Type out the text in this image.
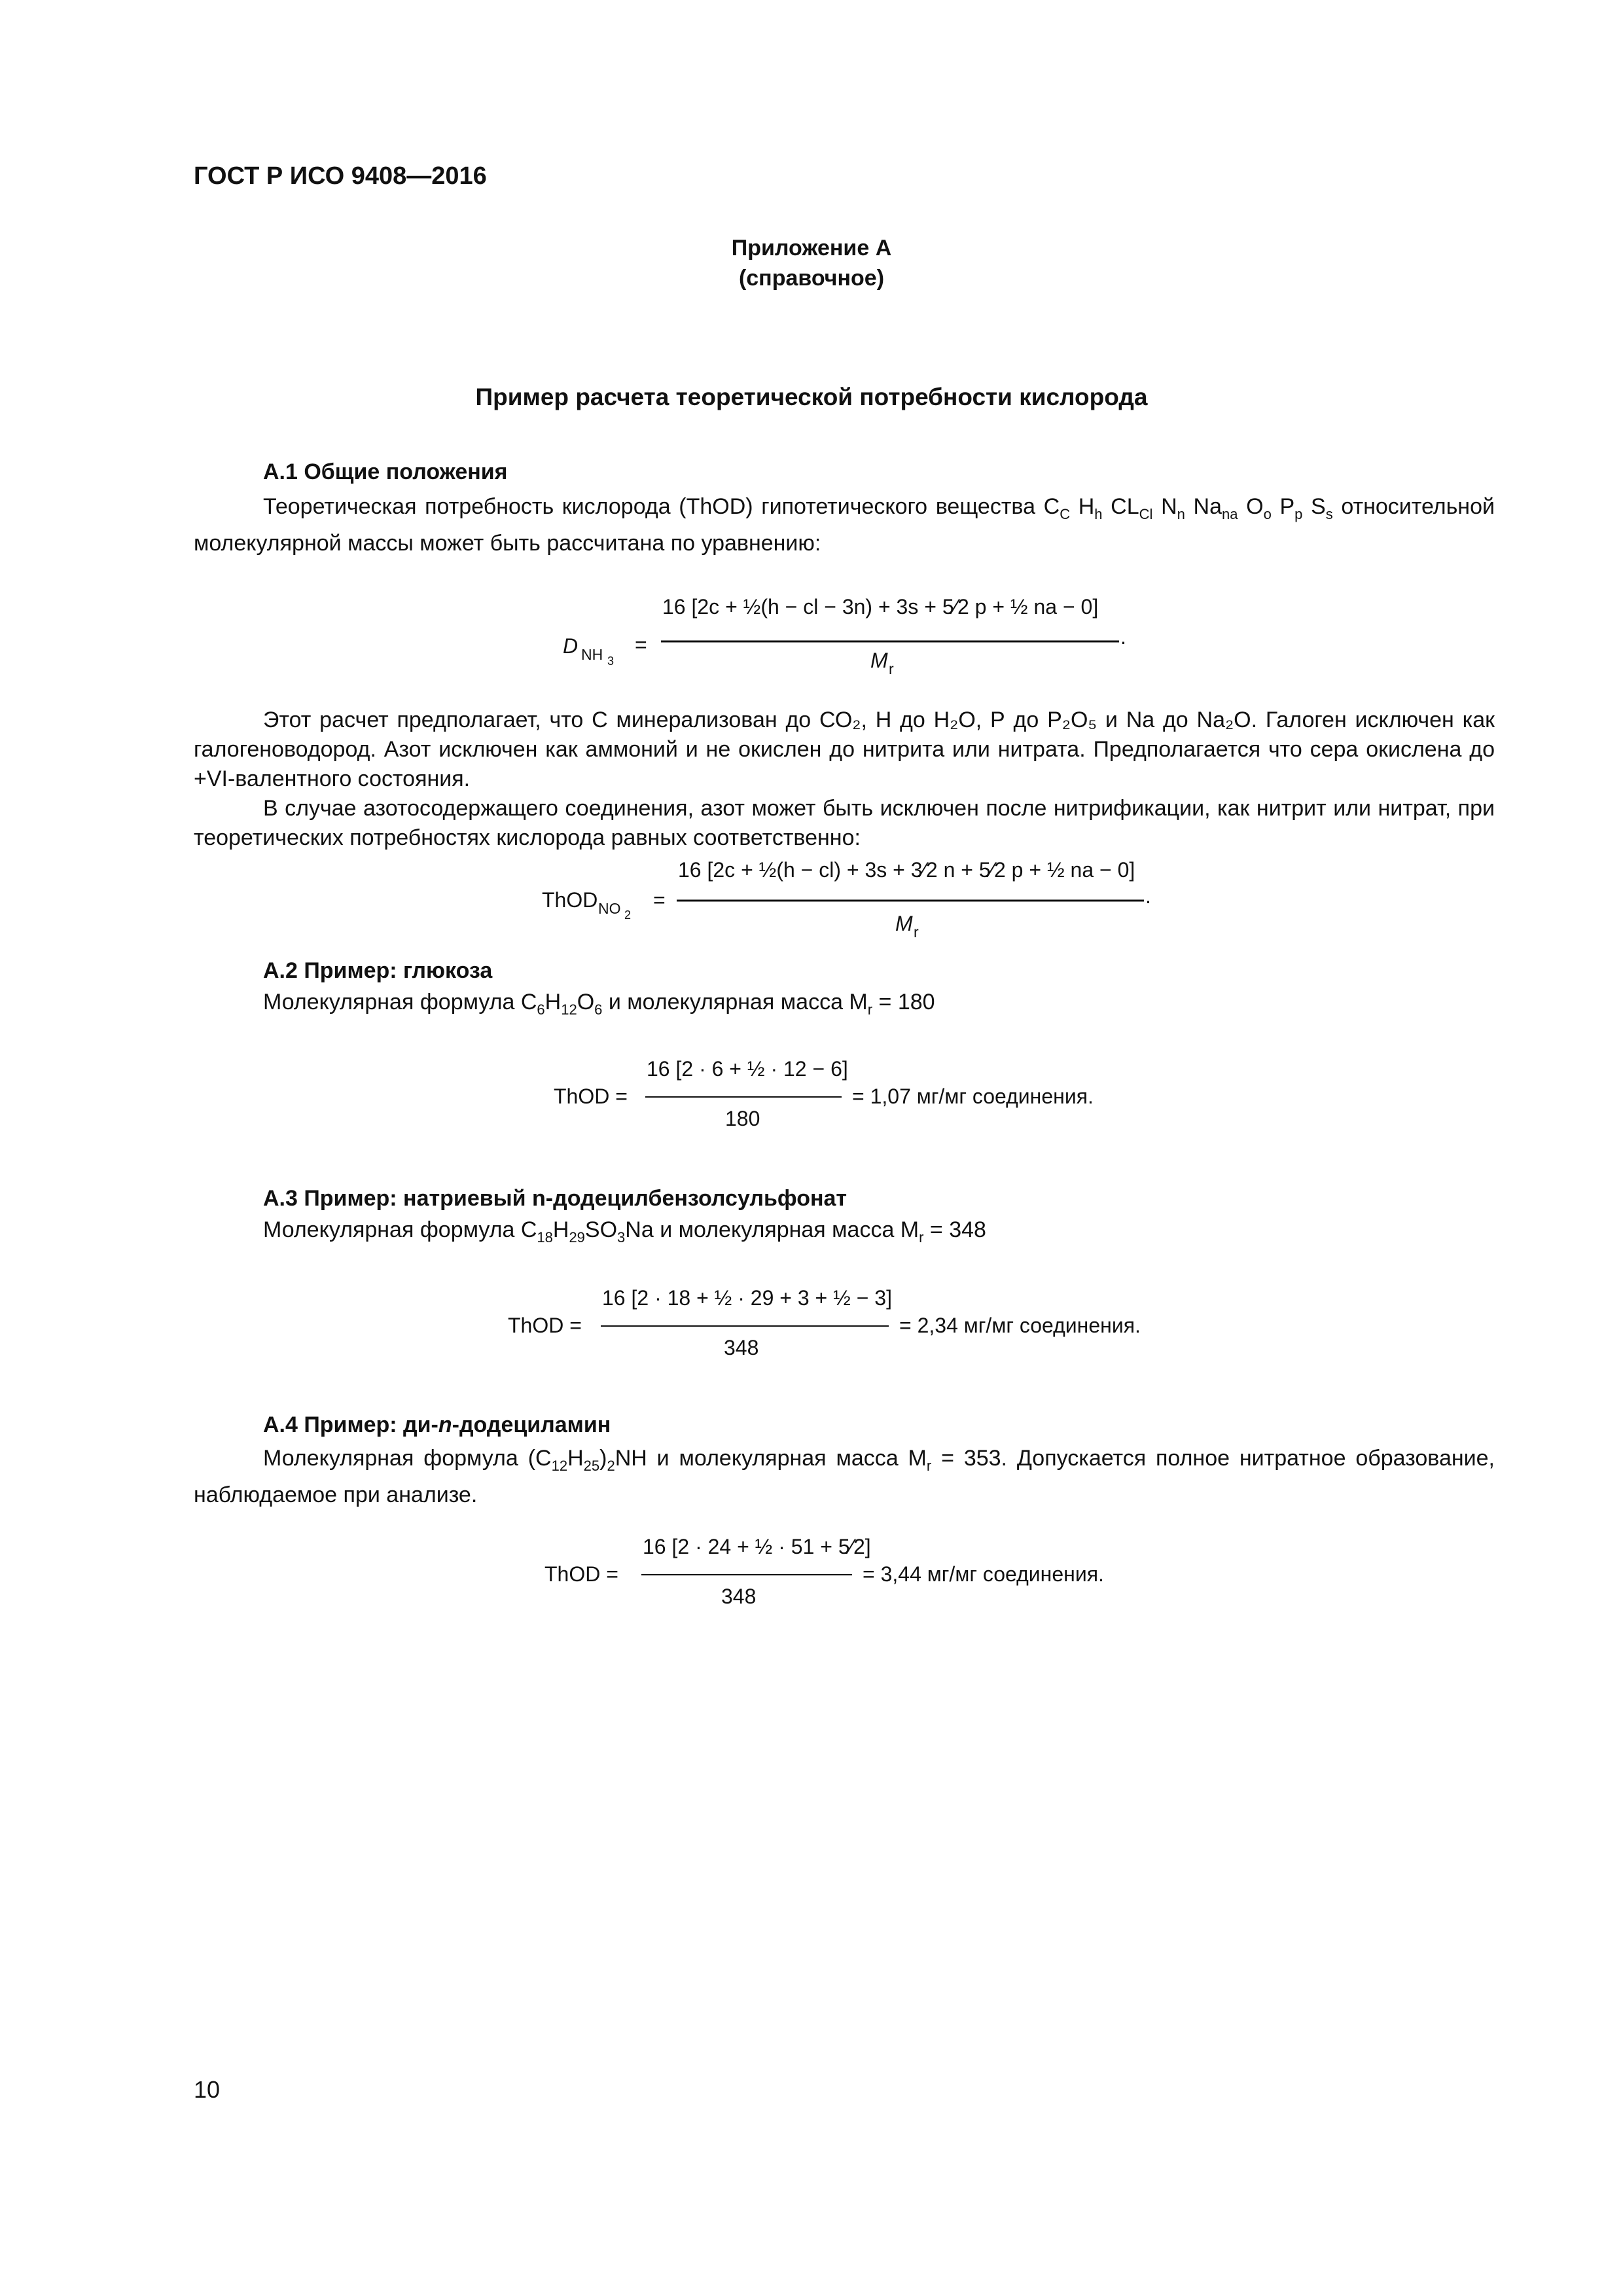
ГОСТ Р ИСО 9408—2016
Приложение А
(справочное)
Пример расчета теоретической потребности кислорода
А.1 Общие положения
Теоретическая потребность кислорода (ThOD) гипотетического вещества $C_C$ $H_h$ $CL_{Cl}$ $N_n$ $Na_{na}$ $O_o$ $P_p$ $S_s$ относительной молекулярной массы может быть рассчитана по уравнению:
D NH 3
=
16 [2c + ½(h − cl − 3n) + 3s + 5⁄2 p + ½ na − 0]
M r
.
Этот расчет предполагает, что С минерализован до СО₂, Н до Н₂О, Р до Р₂О₅ и Na до Na₂О. Галоген исключен как галогеноводород. Азот исключен как аммоний и не окислен до нитрита или нитрата. Предполагается что сера окислена до +VI-валентного состояния.
В случае азотосодержащего соединения, азот может быть исключен после нитрификации, как нитрит или нитрат, при теоретических потребностях кислорода равных соответственно:
ThOD NO 2
=
16 [2c + ½(h − cl) + 3s + 3⁄2 n + 5⁄2 p + ½ na − 0]
M r
.
А.2 Пример: глюкоза
Молекулярная формула $C_6H_{12}O_6$ и молекулярная масса $M_r = 180$
ThOD =
16 [2 · 6 + ½ · 12 − 6]
180
= 1,07 мг/мг соединения.
А.3 Пример: натриевый n-додецилбензолсульфонат
Молекулярная формула $C_{18}H_{29}SO_3Na$ и молекулярная масса $M_r = 348$
ThOD =
16 [2 · 18 + ½ · 29 + 3 + ½ − 3]
348
= 2,34 мг/мг соединения.
А.4 Пример: ди-n-додециламин
Молекулярная формула $(C_{12}H_{25})_2NH$ и молекулярная масса $M_r = 353$. Допускается полное нитратное образование, наблюдаемое при анализе.
ThOD =
16 [2 · 24 + ½ · 51 + 5⁄2]
348
= 3,44 мг/мг соединения.
10
